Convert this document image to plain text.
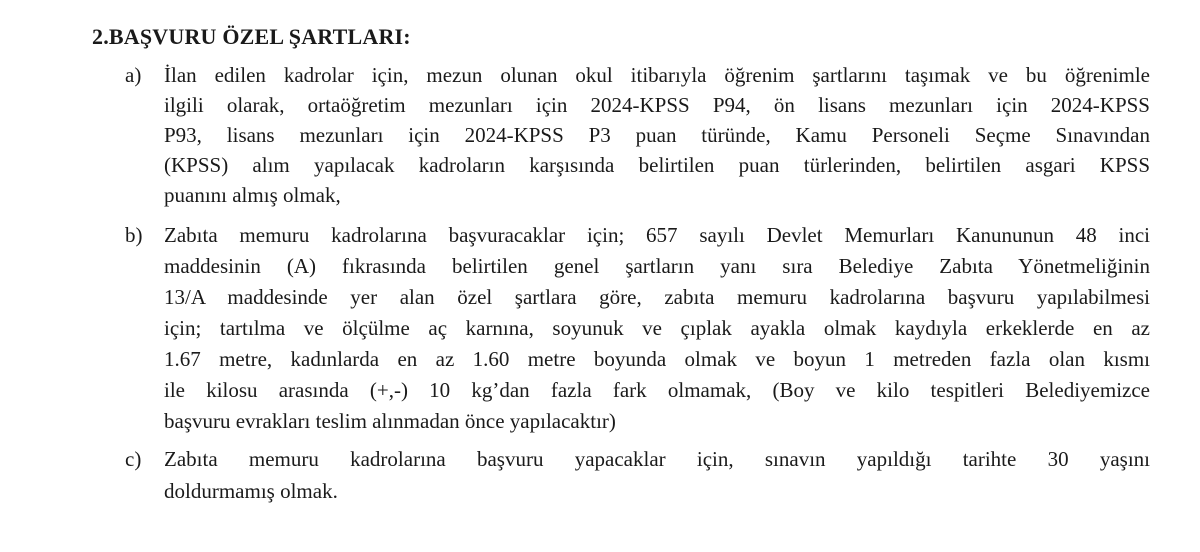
2.BAŞVURU ÖZEL ŞARTLARI:
a) İlan edilen kadrolar için, mezun olunan okul itibarıyla öğrenim şartlarını taşımak ve bu öğrenimle
ilgili olarak, ortaöğretim mezunları için 2024-KPSS P94, ön lisans mezunları için 2024-KPSS
P93, lisans mezunları için 2024-KPSS P3 puan türünde, Kamu Personeli Seçme Sınavından
(KPSS) alım yapılacak kadroların karşısında belirtilen puan türlerinden, belirtilen asgari KPSS
puanını almış olmak,
b) Zabıta memuru kadrolarına başvuracaklar için; 657 sayılı Devlet Memurları Kanununun 48 inci
maddesinin (A) fıkrasında belirtilen genel şartların yanı sıra Belediye Zabıta Yönetmeliğinin
13/A maddesinde yer alan özel şartlara göre, zabıta memuru kadrolarına başvuru yapılabilmesi
için; tartılma ve ölçülme aç karnına, soyunuk ve çıplak ayakla olmak kaydıyla erkeklerde en az
1.67 metre, kadınlarda en az 1.60 metre boyunda olmak ve boyun 1 metreden fazla olan kısmı
ile kilosu arasında (+,-) 10 kg’dan fazla fark olmamak, (Boy ve kilo tespitleri Belediyemizce
başvuru evrakları teslim alınmadan önce yapılacaktır)
c) Zabıta memuru kadrolarına başvuru yapacaklar için, sınavın yapıldığı tarihte 30 yaşını
doldurmamış olmak.
